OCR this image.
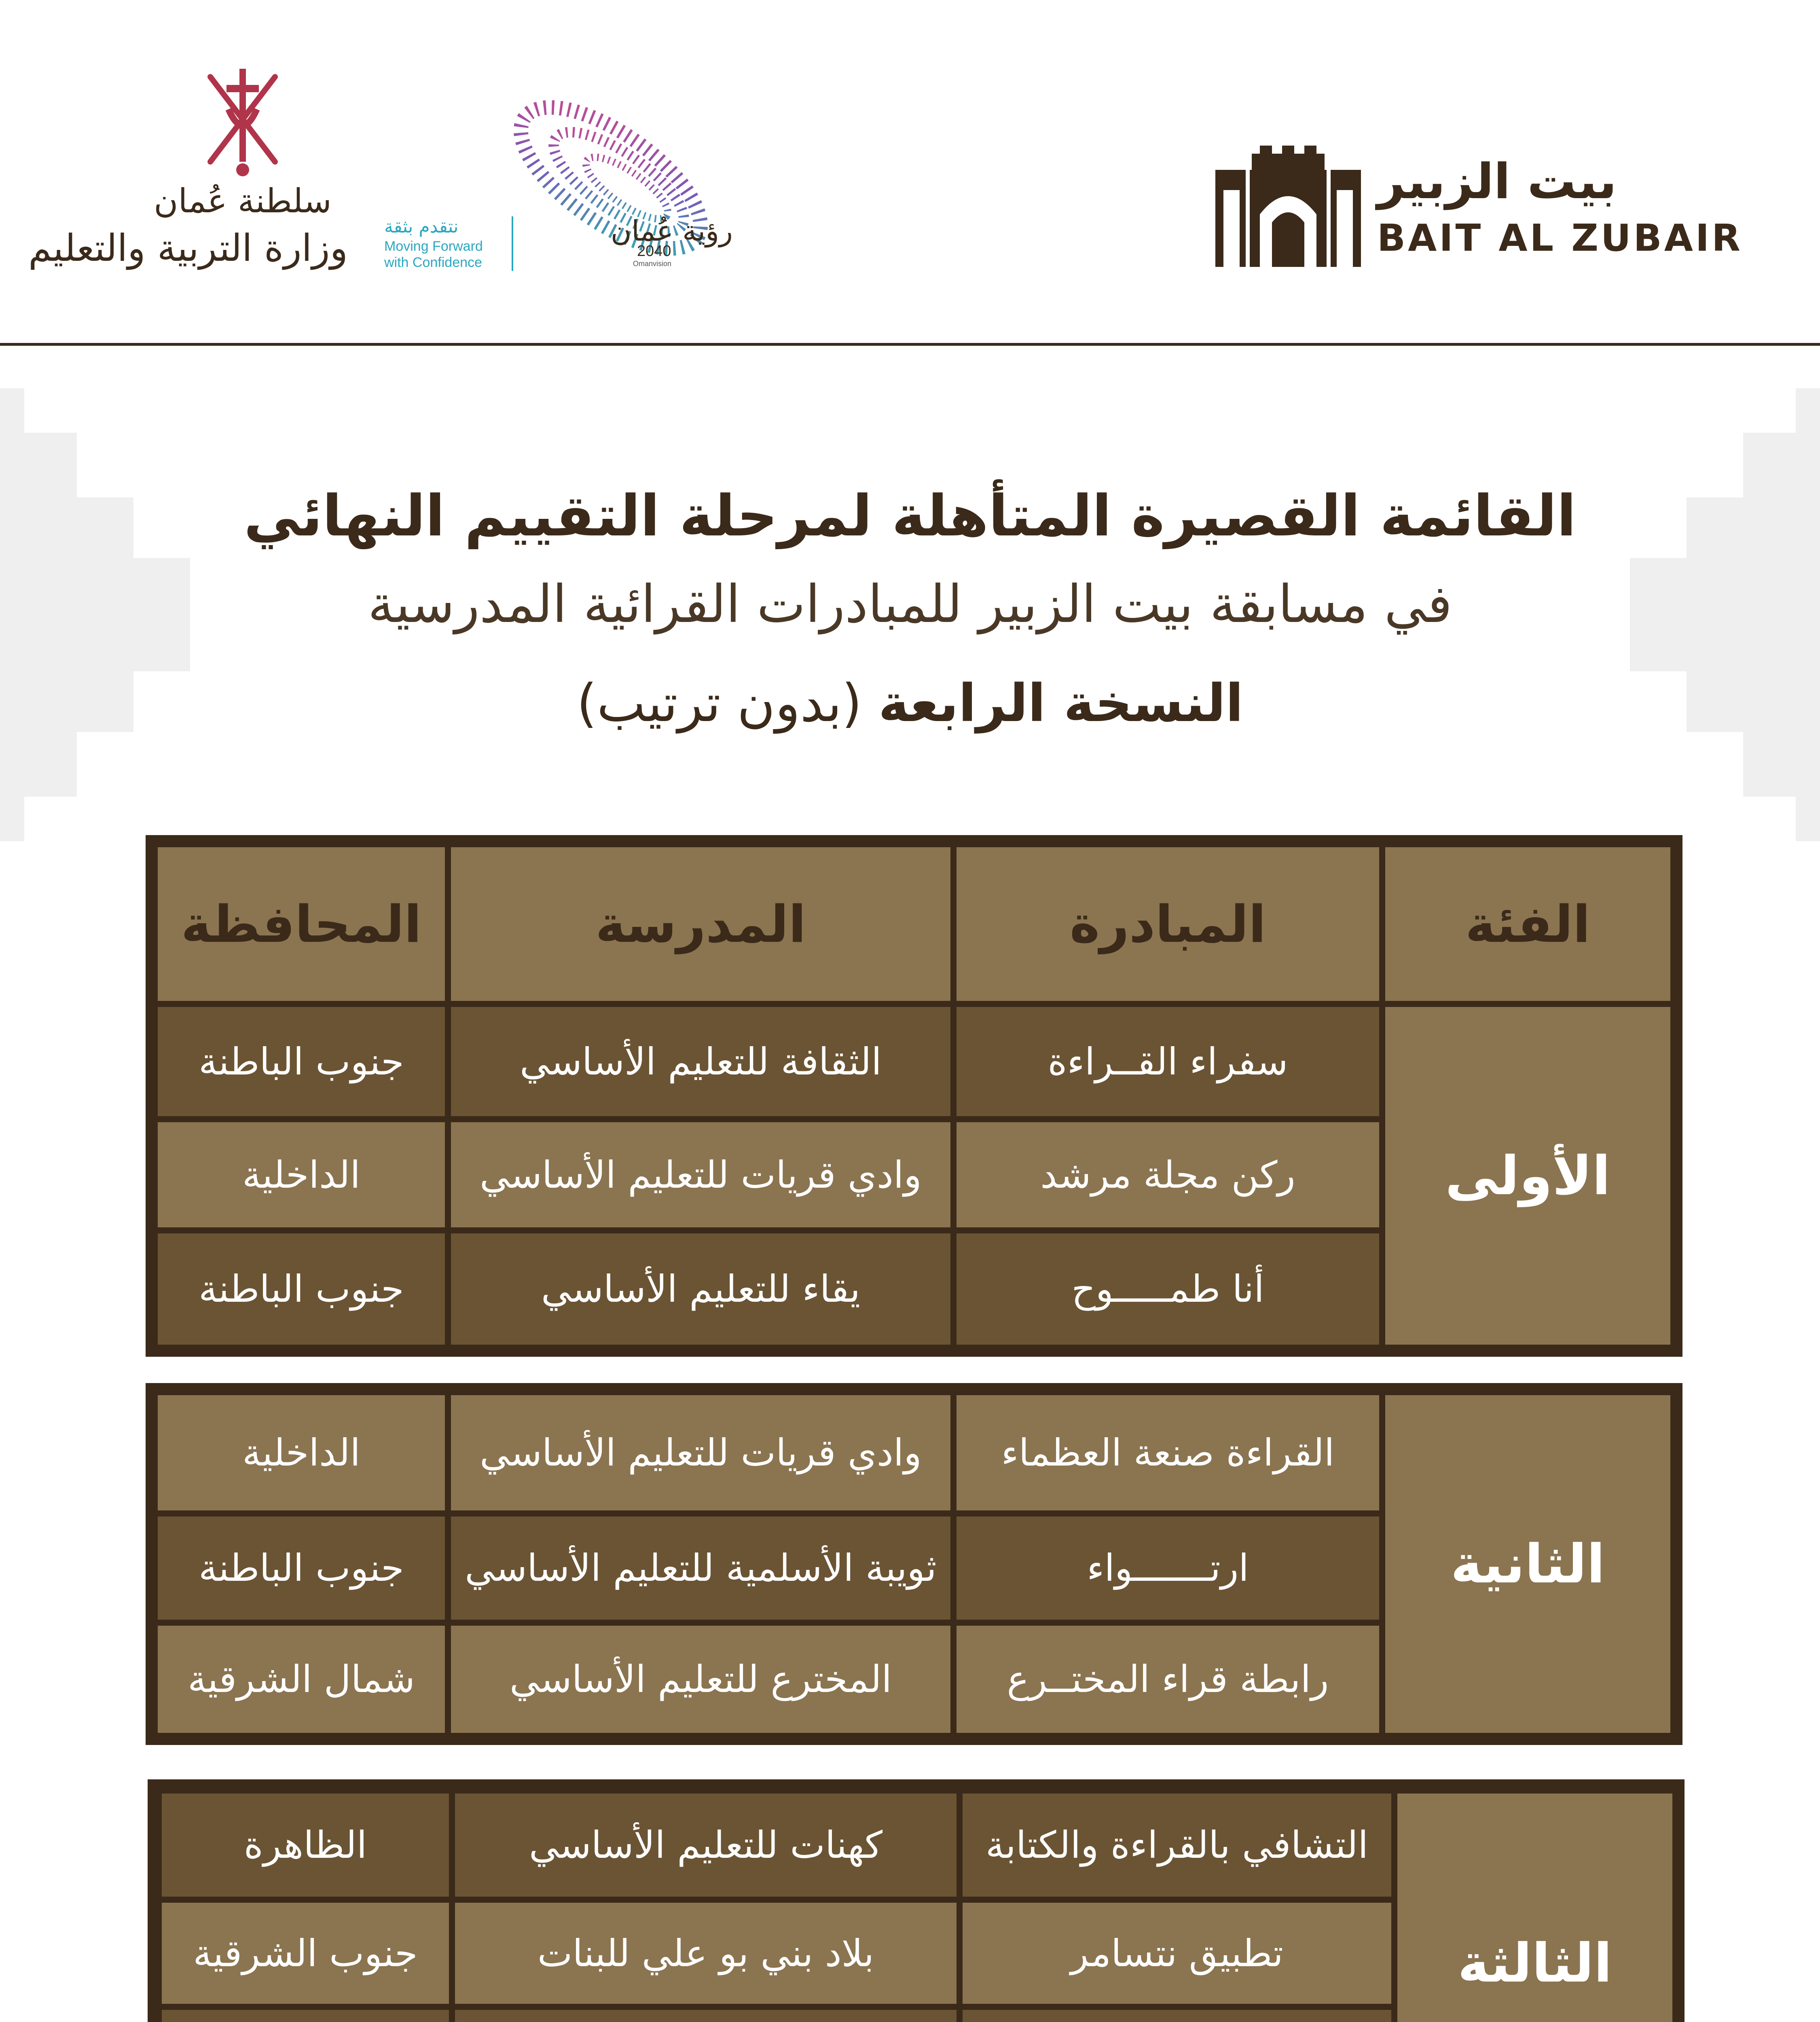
بيت الزبير
BAIT AL ZUBAIR
رؤية عُمان
2040
Omanvision
نتقدم بثقة
Moving Forward
with Confidence
سلطنة عُمان
وزارة التربية والتعليم
القائمة القصيرة المتأهلة لمرحلة التقييم النهائي
في مسابقة بيت الزبير للمبادرات القرائية المدرسية
النسخة الرابعة (بدون ترتيب)
المحافظة	المدرسة	المبادرة	الفئة
الأولى
جنوب الباطنة	الثقافة للتعليم الأساسي	سفراء القــراءة
الداخلية	وادي قريات للتعليم الأساسي	ركن مجلة مرشد
جنوب الباطنة	يقاء للتعليم الأساسي	أنا طمـــــوح
الثانية
الداخلية	وادي قريات للتعليم الأساسي	القراءة صنعة العظماء
جنوب الباطنة	ثويبة الأسلمية للتعليم الأساسي	ارتـــــــواء
شمال الشرقية	المخترع للتعليم الأساسي	رابطة قراء المختــرع
الثالثة
الظاهرة	كهنات للتعليم الأساسي	التشافي بالقراءة والكتابة
جنوب الشرقية	بلاد بني بو علي للبنات	تطبيق نتسامر
